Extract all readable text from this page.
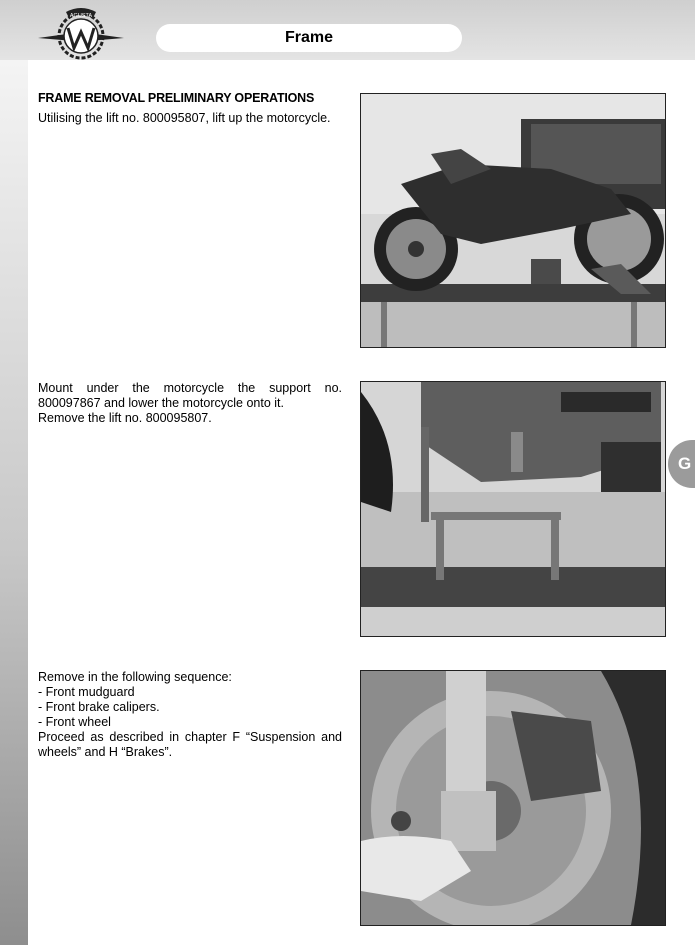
AGUSTA
Frame
FRAME REMOVAL PRELIMINARY OPERATIONS
Utilising the lift no. 800095807, lift up the motorcycle.
Mount under the motorcycle the support no. 800097867 and lower the motorcycle onto it.
Remove the lift no. 800095807.
Remove in the following sequence:
- Front mudguard
- Front brake calipers.
- Front wheel
Proceed as described in chapter F “Suspension and wheels” and H “Brakes”.
G
